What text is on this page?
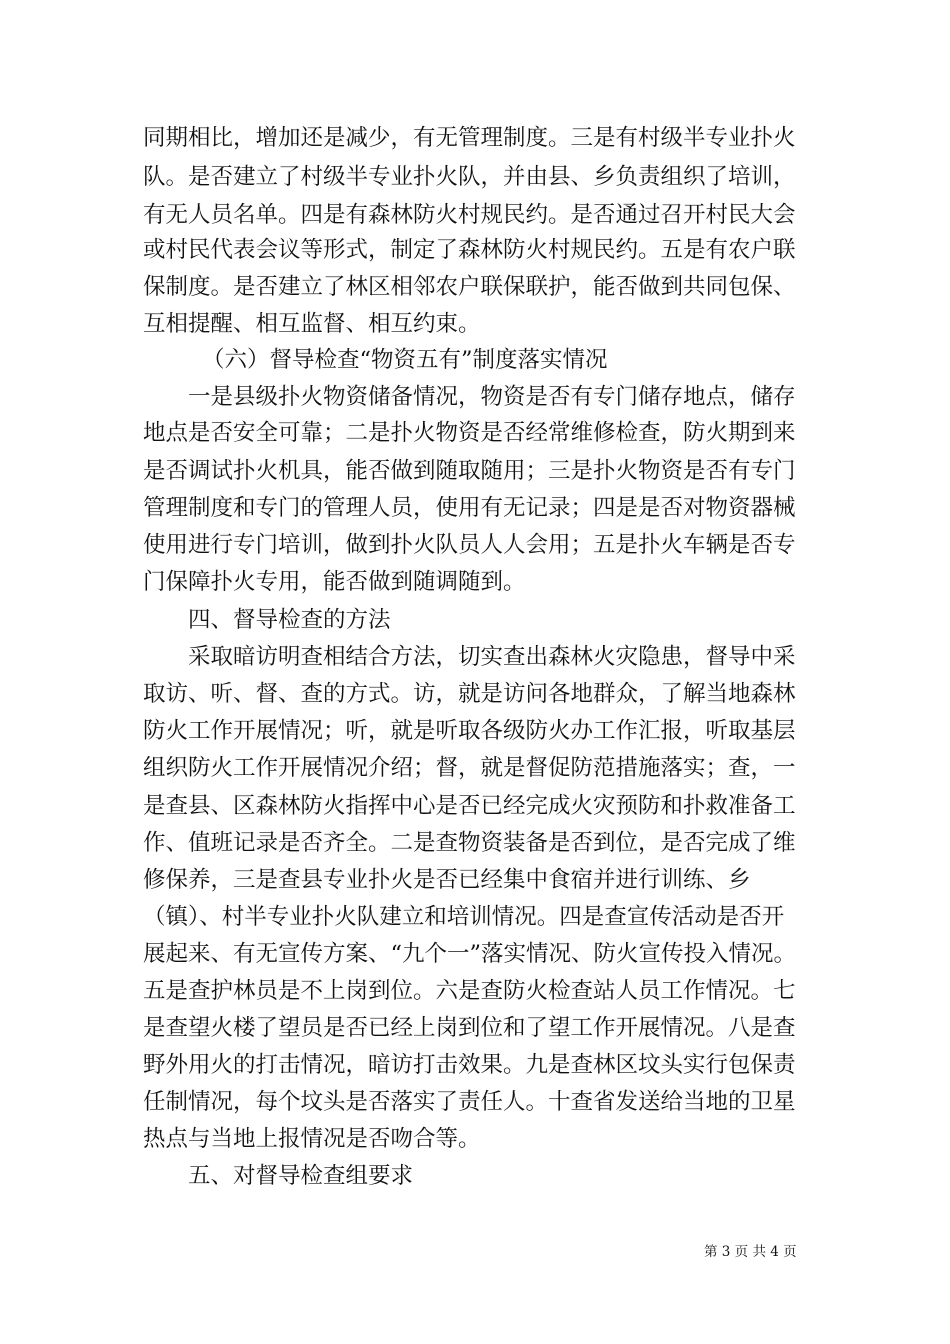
同期相比，增加还是减少，有无管理制度。三是有村级半专业扑火

队。是否建立了村级半专业扑火队，并由县、乡负责组织了培训，

有无人员名单。四是有森林防火村规民约。是否通过召开村民大会

或村民代表会议等形式，制定了森林防火村规民约。五是有农户联

保制度。是否建立了林区相邻农户联保联护，能否做到共同包保、

互相提醒、相互监督、相互约束。

（六）督导检查“物资五有”制度落实情况

一是县级扑火物资储备情况，物资是否有专门储存地点，储存

地点是否安全可靠；二是扑火物资是否经常维修检查，防火期到来

是否调试扑火机具，能否做到随取随用；三是扑火物资是否有专门

管理制度和专门的管理人员，使用有无记录；四是是否对物资器械

使用进行专门培训，做到扑火队员人人会用；五是扑火车辆是否专

门保障扑火专用，能否做到随调随到。

四、督导检查的方法

采取暗访明查相结合方法，切实查出森林火灾隐患，督导中采

取访、听、督、查的方式。访，就是访问各地群众，了解当地森林

防火工作开展情况；听，就是听取各级防火办工作汇报，听取基层

组织防火工作开展情况介绍；督，就是督促防范措施落实；查，一

是查县、区森林防火指挥中心是否已经完成火灾预防和扑救准备工

作、值班记录是否齐全。二是查物资装备是否到位，是否完成了维

修保养，三是查县专业扑火是否已经集中食宿并进行训练、乡

（镇）、村半专业扑火队建立和培训情况。四是查宣传活动是否开

展起来、有无宣传方案、“九个一”落实情况、防火宣传投入情况。

五是查护林员是不上岗到位。六是查防火检查站人员工作情况。七

是查望火楼了望员是否已经上岗到位和了望工作开展情况。八是查

野外用火的打击情况，暗访打击效果。九是查林区坟头实行包保责

任制情况，每个坟头是否落实了责任人。十查省发送给当地的卫星

热点与当地上报情况是否吻合等。

五、对督导检查组要求

第 3 页 共 4 页
